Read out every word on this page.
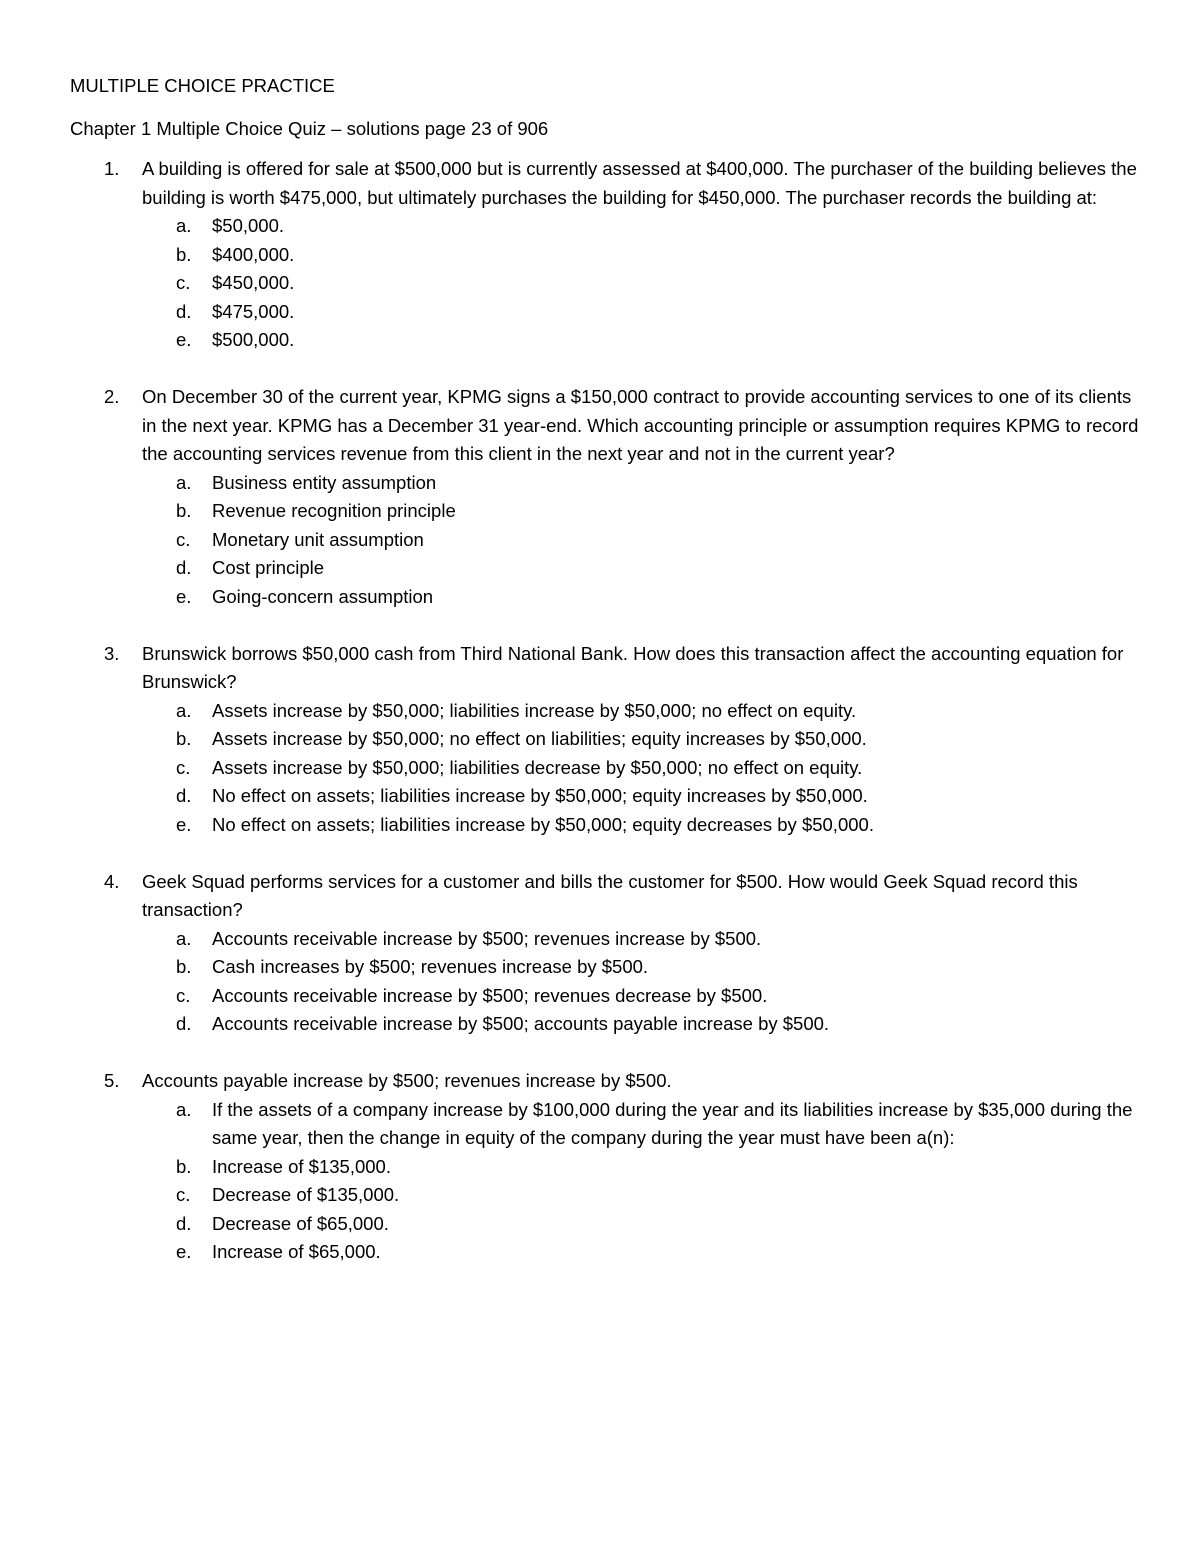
MULTIPLE CHOICE PRACTICE
Chapter 1 Multiple Choice Quiz – solutions page 23 of 906
1. A building is offered for sale at $500,000 but is currently assessed at $400,000. The purchaser of the building believes the building is worth $475,000, but ultimately purchases the building for $450,000. The purchaser records the building at:
a. $50,000.
b. $400,000.
c. $450,000.
d. $475,000.
e. $500,000.
2. On December 30 of the current year, KPMG signs a $150,000 contract to provide accounting services to one of its clients in the next year. KPMG has a December 31 year-end. Which accounting principle or assumption requires KPMG to record the accounting services revenue from this client in the next year and not in the current year?
a. Business entity assumption
b. Revenue recognition principle
c. Monetary unit assumption
d. Cost principle
e. Going-concern assumption
3. Brunswick borrows $50,000 cash from Third National Bank. How does this transaction affect the accounting equation for Brunswick?
a. Assets increase by $50,000; liabilities increase by $50,000; no effect on equity.
b. Assets increase by $50,000; no effect on liabilities; equity increases by $50,000.
c. Assets increase by $50,000; liabilities decrease by $50,000; no effect on equity.
d. No effect on assets; liabilities increase by $50,000; equity increases by $50,000.
e. No effect on assets; liabilities increase by $50,000; equity decreases by $50,000.
4. Geek Squad performs services for a customer and bills the customer for $500. How would Geek Squad record this transaction?
a. Accounts receivable increase by $500; revenues increase by $500.
b. Cash increases by $500; revenues increase by $500.
c. Accounts receivable increase by $500; revenues decrease by $500.
d. Accounts receivable increase by $500; accounts payable increase by $500.
5. Accounts payable increase by $500; revenues increase by $500.
a. If the assets of a company increase by $100,000 during the year and its liabilities increase by $35,000 during the same year, then the change in equity of the company during the year must have been a(n):
b. Increase of $135,000.
c. Decrease of $135,000.
d. Decrease of $65,000.
e. Increase of $65,000.
